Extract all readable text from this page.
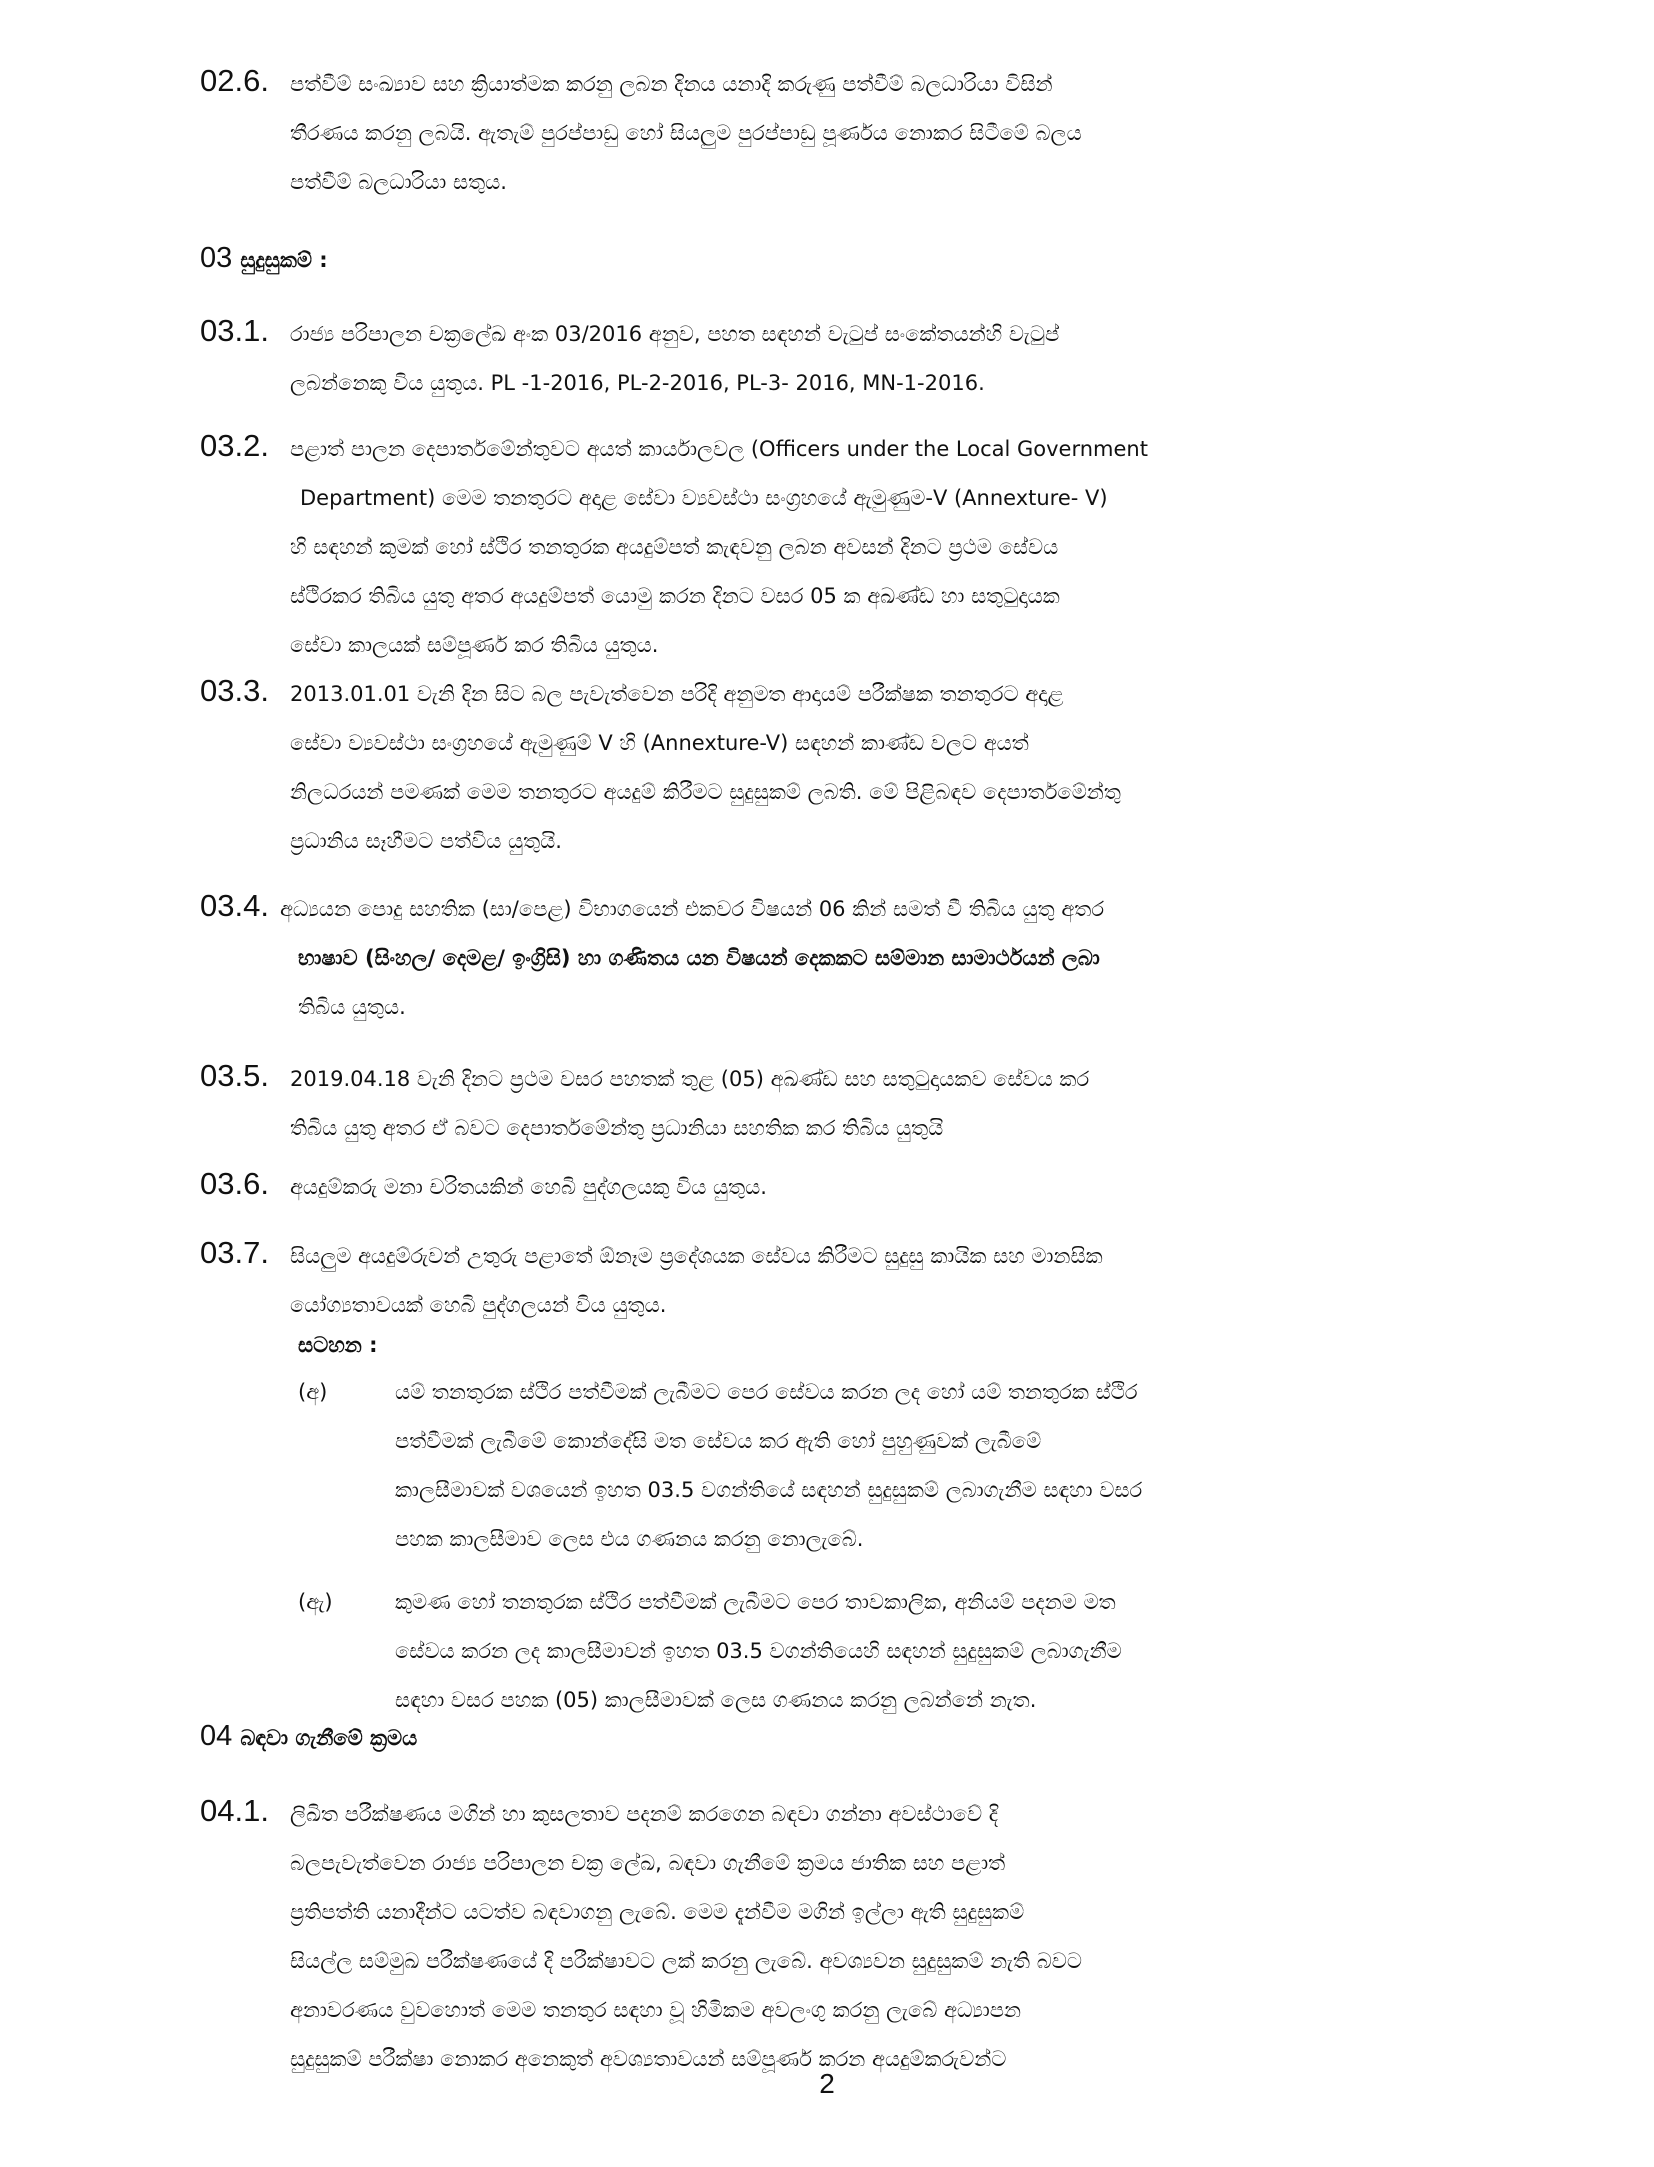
02.6. පත්වීම් සංඛ්‍යාව සහ ක්‍රියාත්මක කරනු ලබන දිනය යනාදි කරුණු පත්වීම් බලධාරියා විසින්
තීරණය කරනු ලබයි. ඇතැම් පුරප්පාඩු හෝ සියලුම පුරප්පාඩු පූර්ණය නොකර සිටීමේ බලය
පත්වීම් බලධාරියා සතුය.
03 සුදුසුකම් :
03.1. රාජ්‍ය පරිපාලන චක්‍රලේඛ අංක 03/2016 අනුව, පහත සඳහන් වැටුප් සංකේතයන්හි වැටුප්
ලබන්නෙකු විය යුතුය. PL -1-2016, PL-2-2016, PL-3- 2016, MN-1-2016.
03.2. පළාත් පාලන දෙපාර්තමේන්තුවට අයත් කාර්යාලවල (Officers under the Local Government
Department) මෙම තනතුරට අදාළ සේවා ව්‍යවස්ථා සංග්‍රහයේ ඇමුණුම-V (Annexture- V)
හි සඳහන් කුමක් හෝ ස්ථිර තනතුරක අයදුම්පත් කැඳවනු ලබන අවසන් දිනට ප්‍රථම සේවය
ස්ථිරකර තිබිය යුතු අතර අයදුම්පත් යොමු කරන දිනට වසර 05 ක අඛණ්ඩ හා සතුටුදායක
සේවා කාලයක් සම්පූර්ණ කර තිබිය යුතුය.
03.3. 2013.01.01 වැනි දින සිට බල පැවැත්වෙන පරිදි අනුමත ආදායම් පරීක්ෂක තනතුරට අදාළ
සේවා ව්‍යවස්ථා සංග්‍රහයේ ඇමුණුම් V හි (Annexture-V) සඳහන් කාණ්ඩ වලට අයත්
නිලධරයන් පමණක් මෙම තනතුරට අයදුම් කිරීමට සුදුසුකම් ලබති. මේ පිළිබඳව දෙපාර්තමේන්තු
ප්‍රධානිය සෑහීමට පත්විය යුතුයි.
03.4. අධ්‍යයන පොදු සහතික (සා/පෙළ) විභාගයෙන් එකවර විෂයන් 06 කින් සමත් වී තිබිය යුතු අතර
භාෂාව (සිංහල/ දෙමළ/ ඉංග්‍රිසි) හා ගණිතය යන විෂයන් දෙකකට සම්මාන සාමාර්ථයන් ලබා
තිබිය යුතුය.
03.5. 2019.04.18 වැනි දිනට ප්‍රථම වසර පහතක් තුළ (05) අඛණ්ඩ සහ සතුටුදායකව සේවය කර
තිබිය යුතු අතර ඒ බවට දෙපාර්තමේන්තු ප්‍රධානියා සහතික කර තිබිය යුතුයි
03.6. අයදුම්කරු මනා චරිතයකින් හෙබි පුද්ගලයකු විය යුතුය.
03.7. සියලුම අයදුම්රුවන් උතුරු පළාතේ ඕනෑම ප්‍රදේශයක සේවය කිරීමට සුදුසු කායික සහ මානසික
යෝග්‍යතාවයක් හෙබි පුද්ගලයන් විය යුතුය.
සටහන :
(අ)	යම් තනතුරක ස්ථිර පත්වීමක් ලැබීමට පෙර සේවය කරන ලද හෝ යම් තනතුරක ස්ථිර
පත්වීමක් ලැබීමේ කොන්දේසි මත සේවය කර ඇති හෝ පුහුණුවක් ලැබීමේ
කාලසීමාවක් වශයෙන් ඉහත 03.5 වගන්තියේ සඳහන් සුදුසුකම් ලබාගැනීම සඳහා වසර
පහක කාලසීමාව ලෙස එය ගණනය කරනු නොලැබේ.
(ඇ)	කුමණ හෝ තනතුරක ස්ථිර පත්වීමක් ලැබීමට පෙර තාවකාලික, අනියම් පදනම මත
සේවය කරන ලද කාලසීමාවන් ඉහත 03.5 වගන්තියෙහි සඳහන් සුදුසුකම් ලබාගැනීම
සඳහා වසර පහක (05) කාලසීමාවක් ලෙස ගණනය කරනු ලබන්නේ නැත.
04 බඳවා ගැනීමේ ක්‍රමය
04.1. ලිඛිත පරීක්ෂණය මගින් හා කුසලතාව පදනම් කරගෙන බඳවා ගන්නා අවස්ථාවේ දි
බලපැවැත්වෙන රාජ්‍ය පරිපාලන චක්‍ර ලේඛ, බඳවා ගැනීමේ ක්‍රමය ජාතික සහ පළාත්
ප්‍රතිපත්ති යනාදීන්ට යටත්ව බඳවාගනු ලැබේ. මෙම දැන්වීම මගින් ඉල්ලා ඇති සුදුසුකම්
සියල්ල සම්මුඛ පරීක්ෂණයේ දි පරීක්ෂාවට ලක් කරනු ලැබේ. අවශ්‍යවන සුදුසුකම් නැති බවට
අනාවරණය වුවහොත් මෙම තනතුර සඳහා වූ හිමිකම අවලංගු කරනු ලැබේ අධ්‍යාපන
සුදුසුකම් පරීක්ෂා නොකර අනෙකුත් අවශ්‍යතාවයන් සම්පූර්ණ කරන අයදුම්කරුවන්ට
2
